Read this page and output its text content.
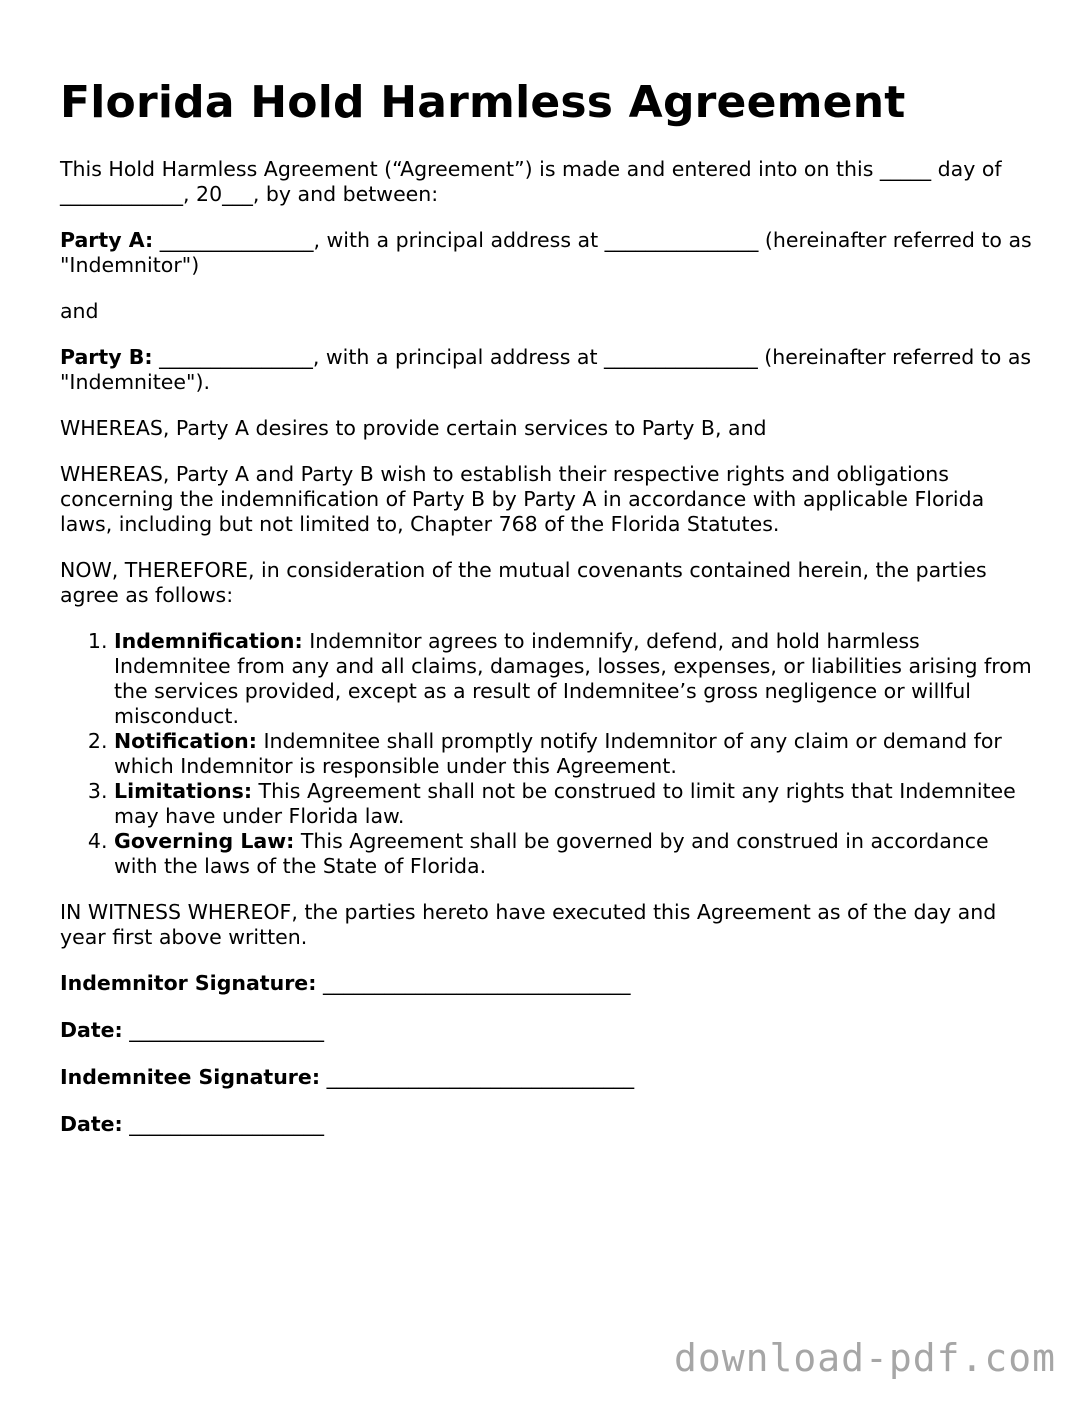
Florida Hold Harmless Agreement

This Hold Harmless Agreement (“Agreement”) is made and entered into on this _____ day of ____________, 20___, by and between:

Party A: _______________, with a principal address at _______________ (hereinafter referred to as "Indemnitor")

and

Party B: _______________, with a principal address at _______________ (hereinafter referred to as "Indemnitee").

WHEREAS, Party A desires to provide certain services to Party B, and

WHEREAS, Party A and Party B wish to establish their respective rights and obligations concerning the indemnification of Party B by Party A in accordance with applicable Florida laws, including but not limited to, Chapter 768 of the Florida Statutes.

NOW, THEREFORE, in consideration of the mutual covenants contained herein, the parties agree as follows:

1. Indemnification: Indemnitor agrees to indemnify, defend, and hold harmless Indemnitee from any and all claims, damages, losses, expenses, or liabilities arising from the services provided, except as a result of Indemnitee’s gross negligence or willful misconduct.
2. Notification: Indemnitee shall promptly notify Indemnitor of any claim or demand for which Indemnitor is responsible under this Agreement.
3. Limitations: This Agreement shall not be construed to limit any rights that Indemnitee may have under Florida law.
4. Governing Law: This Agreement shall be governed by and construed in accordance with the laws of the State of Florida.

IN WITNESS WHEREOF, the parties hereto have executed this Agreement as of the day and year first above written.

Indemnitor Signature: ______________________________

Date: ___________________

Indemnitee Signature: ______________________________

Date: ___________________

download-pdf.com
